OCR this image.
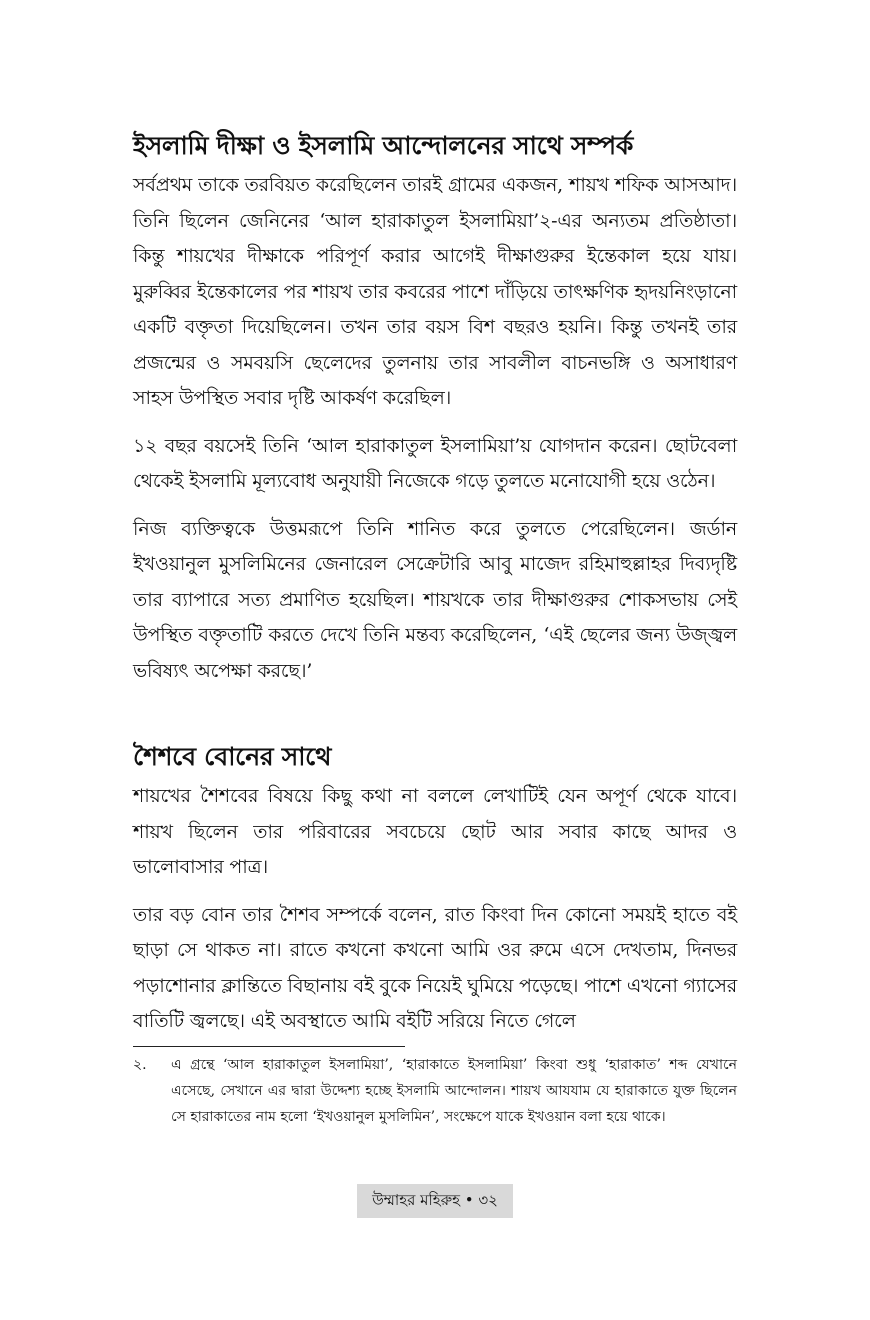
ইসলামি দীক্ষা ও ইসলামি আন্দোলনের সাথে সম্পর্ক

সর্বপ্রথম তাকে তরবিয়ত করেছিলেন তারই গ্রামের একজন, শায়খ শফিক আসআদ। তিনি ছিলেন জেনিনের ‘আল হারাকাতুল ইসলামিয়া’২-এর অন্যতম প্রতিষ্ঠাতা। কিন্তু শায়খের দীক্ষাকে পরিপূর্ণ করার আগেই দীক্ষাগুরুর ইন্তেকাল হয়ে যায়। মুরুব্বির ইন্তেকালের পর শায়খ তার কবরের পাশে দাঁড়িয়ে তাৎক্ষণিক হৃদয়নিংড়ানো একটি বক্তৃতা দিয়েছিলেন। তখন তার বয়স বিশ বছরও হয়নি। কিন্তু তখনই তার প্রজন্মের ও সমবয়সি ছেলেদের তুলনায় তার সাবলীল বাচনভঙ্গি ও অসাধারণ সাহস উপস্থিত সবার দৃষ্টি আকর্ষণ করেছিল।

১২ বছর বয়সেই তিনি ‘আল হারাকাতুল ইসলামিয়া’য় যোগদান করেন। ছোটবেলা থেকেই ইসলামি মূল্যবোধ অনুযায়ী নিজেকে গড়ে তুলতে মনোযোগী হয়ে ওঠেন।

নিজ ব্যক্তিত্বকে উত্তমরূপে তিনি শানিত করে তুলতে পেরেছিলেন। জর্ডান ইখওয়ানুল মুসলিমিনের জেনারেল সেক্রেটারি আবু মাজেদ রহিমাহুল্লাহর দিব্যদৃষ্টি তার ব্যাপারে সত্য প্রমাণিত হয়েছিল। শায়খকে তার দীক্ষাগুরুর শোকসভায় সেই উপস্থিত বক্তৃতাটি করতে দেখে তিনি মন্তব্য করেছিলেন, ‘এই ছেলের জন্য উজ্জ্বল ভবিষ্যৎ অপেক্ষা করছে।’

শৈশবে বোনের সাথে

শায়খের শৈশবের বিষয়ে কিছু কথা না বললে লেখাটিই যেন অপূর্ণ থেকে যাবে। শায়খ ছিলেন তার পরিবারের সবচেয়ে ছোট আর সবার কাছে আদর ও ভালোবাসার পাত্র।

তার বড় বোন তার শৈশব সম্পর্কে বলেন, রাত কিংবা দিন কোনো সময়ই হাতে বই ছাড়া সে থাকত না। রাতে কখনো কখনো আমি ওর রুমে এসে দেখতাম, দিনভর পড়াশোনার ক্লান্তিতে বিছানায় বই বুকে নিয়েই ঘুমিয়ে পড়েছে। পাশে এখনো গ্যাসের বাতিটি জ্বলছে। এই অবস্থাতে আমি বইটি সরিয়ে নিতে গেলে

২.	এ গ্রন্থে ‘আল হারাকাতুল ইসলামিয়া’, ‘হারাকাতে ইসলামিয়া’ কিংবা শুধু ‘হারাকাত’ শব্দ যেখানে এসেছে, সেখানে এর দ্বারা উদ্দেশ্য হচ্ছে ইসলামি আন্দোলন। শায়খ আযযাম যে হারাকাতে যুক্ত ছিলেন সে হারাকাতের নাম হলো ‘ইখওয়ানুল মুসলিমিন’, সংক্ষেপে যাকে ইখওয়ান বলা হয়ে থাকে।
উম্মাহর মহিরুহ • ৩২
